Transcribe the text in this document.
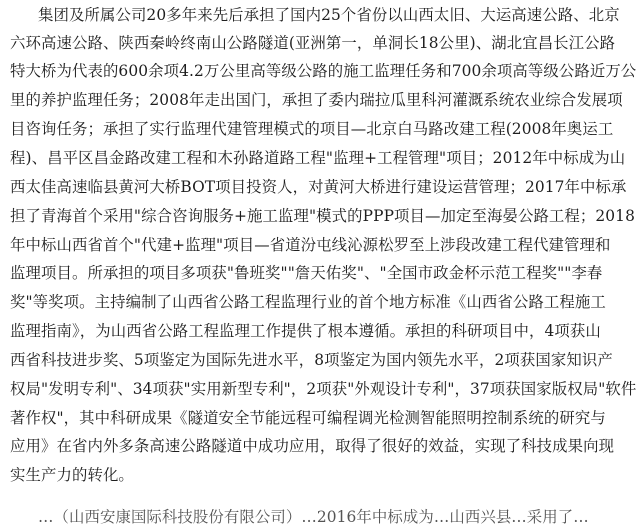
集团及所属公司20多年来先后承担了国内25个省份以山西太旧、大运高速公路、北京
六环高速公路、陕西秦岭终南山公路隧道(亚洲第一，单洞长18公里)、湖北宜昌长江公路
特大桥为代表的600余项4.2万公里高等级公路的施工监理任务和700余项高等级公路近万公
里的养护监理任务；2008年走出国门，承担了委内瑞拉瓜里科河灌溉系统农业综合发展项
目咨询任务；承担了实行监理代建管理模式的项目—北京白马路改建工程(2008年奥运工
程)、昌平区昌金路改建工程和木孙路道路工程"监理+工程管理"项目；2012年中标成为山
西太佳高速临县黄河大桥BOT项目投资人，对黄河大桥进行建设运营管理；2017年中标承
担了青海首个采用"综合咨询服务+施工监理"模式的PPP项目—加定至海晏公路工程；2018
年中标山西省首个"代建+监理"项目—省道汾屯线沁源松罗至上涉段改建工程代建管理和
监理项目。所承担的项目多项获"鲁班奖""詹天佑奖"、"全国市政金杯示范工程奖""李春
奖"等奖项。主持编制了山西省公路工程监理行业的首个地方标准《山西省公路工程施工
监理指南》，为山西省公路工程监理工作提供了根本遵循。承担的科研项目中，4项获山
西省科技进步奖、5项鉴定为国际先进水平，8项鉴定为国内领先水平，2项获国家知识产
权局"发明专利"、34项获"实用新型专利"，2项获"外观设计专利"，37项获国家版权局"软件
著作权"，其中科研成果《隧道安全节能远程可编程调光检测智能照明控制系统的研究与
应用》在省内外多条高速公路隧道中成功应用，取得了很好的效益，实现了科技成果向现
实生产力的转化。
…（山西安康国际科技股份有限公司）…2016年中标成为…山西兴县…采用了…
